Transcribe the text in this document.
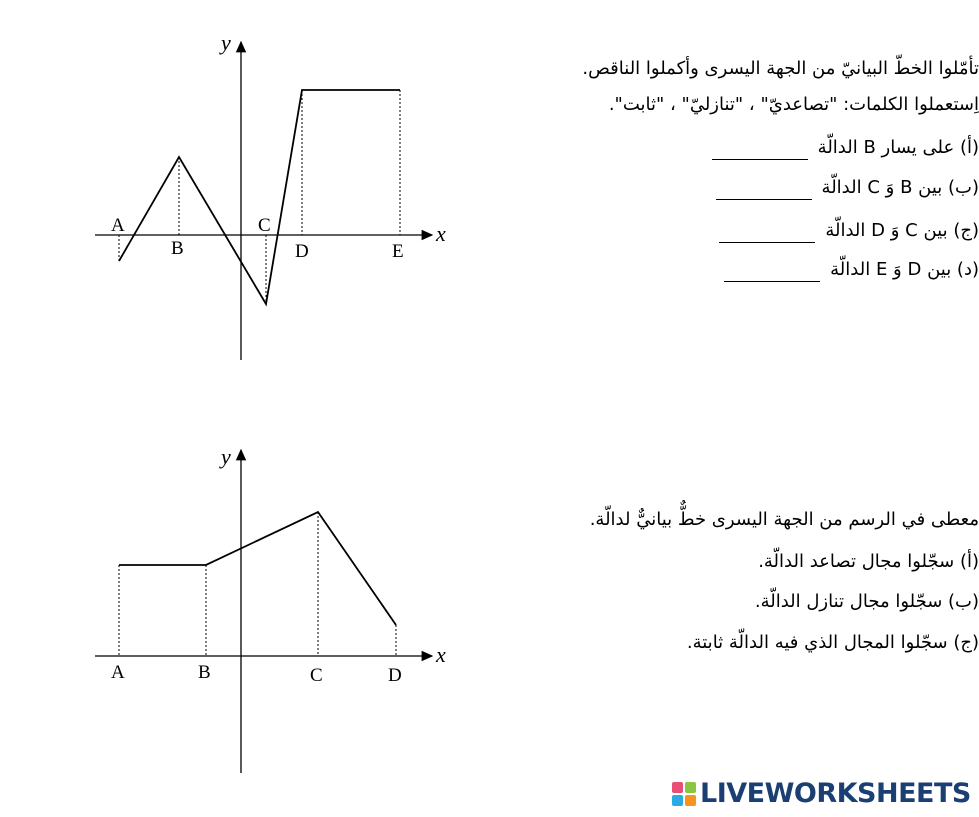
x
y
A
B
C
D	E
x
y
A	B	C	D
تأمّلوا الخطّ البيانيّ من الجهة اليسرى وأكملوا الناقص.
اِستعملوا الكلمات: "تصاعديّ" ، "تنازليّ" ، "ثابت".
(أ) على يسار B الدالّة
(ب) بين B وَ C الدالّة
(ج) بين C وَ D الدالّة
(د) بين D وَ E الدالّة
معطى في الرسم من الجهة اليسرى خطٌّ بيانيٌّ لدالّة.
(أ) سجّلوا مجال تصاعد الدالّة.
(ب) سجّلوا مجال تنازل الدالّة.
(ج) سجّلوا المجال الذي فيه الدالّة ثابتة.
LIVEWORKSHEETS
